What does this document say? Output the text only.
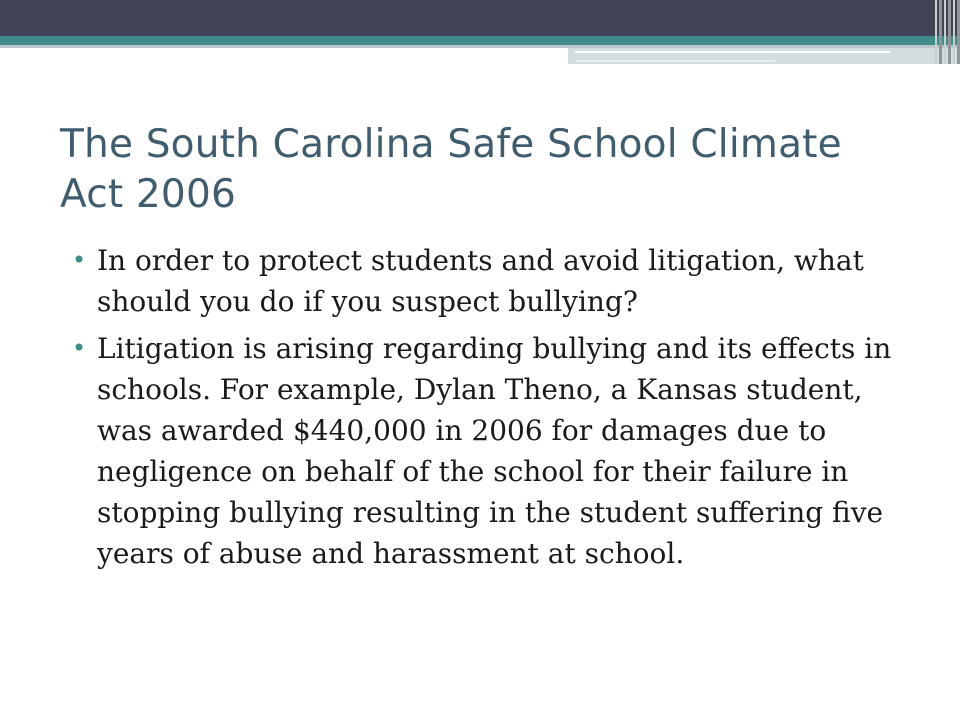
The South Carolina Safe School Climate Act 2006
• In order to protect students and avoid litigation, what should you do if you suspect bullying?
• Litigation is arising regarding bullying and its effects in schools. For example, Dylan Theno, a Kansas student, was awarded $440,000 in 2006 for damages due to negligence on behalf of the school for their failure in stopping bullying resulting in the student suffering five years of abuse and harassment at school.
